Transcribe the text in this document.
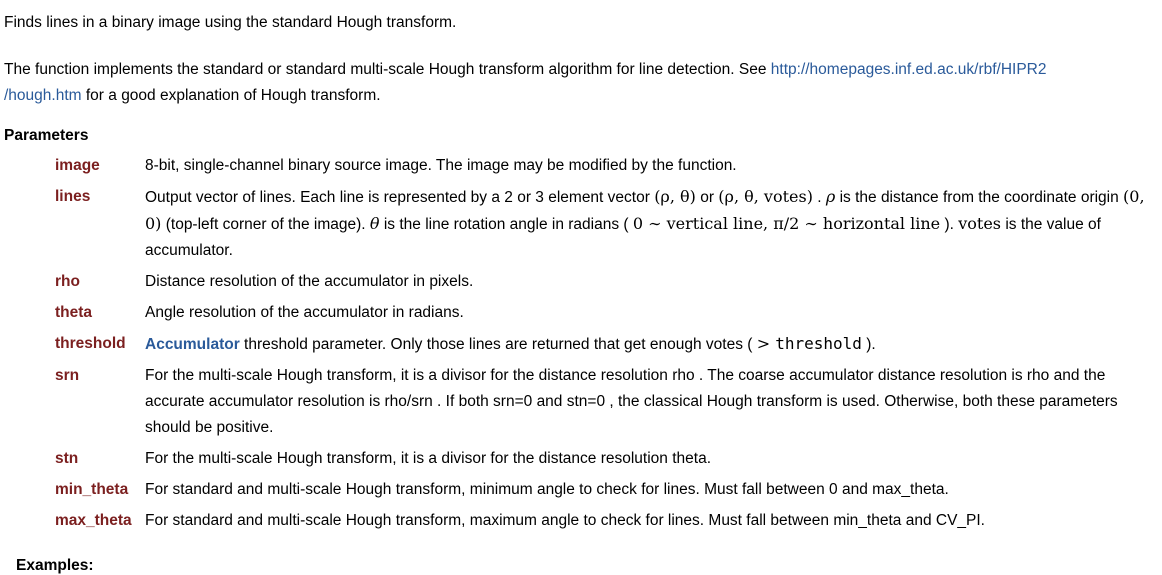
Finds lines in a binary image using the standard Hough transform.

The function implements the standard or standard multi-scale Hough transform algorithm for line detection. See http://homepages.inf.ed.ac.uk/rbf/HIPR2
/hough.htm for a good explanation of Hough transform.

Parameters
image	8-bit, single-channel binary source image. The image may be modified by the function.
lines	Output vector of lines. Each line is represented by a 2 or 3 element vector (ρ, θ) or (ρ, θ, votes) . ρ is the distance from the coordinate origin (0, 0) (top-left corner of the image). θ is the line rotation angle in radians ( 0 ∼ vertical line, π/2 ∼ horizontal line ). votes is the value of accumulator.
rho	Distance resolution of the accumulator in pixels.
theta	Angle resolution of the accumulator in radians.
threshold	Accumulator threshold parameter. Only those lines are returned that get enough votes ( > threshold ).
srn	For the multi-scale Hough transform, it is a divisor for the distance resolution rho . The coarse accumulator distance resolution is rho and the accurate accumulator resolution is rho/srn . If both srn=0 and stn=0 , the classical Hough transform is used. Otherwise, both these parameters should be positive.
stn	For the multi-scale Hough transform, it is a divisor for the distance resolution theta.
min_theta	For standard and multi-scale Hough transform, minimum angle to check for lines. Must fall between 0 and max_theta.
max_theta	For standard and multi-scale Hough transform, maximum angle to check for lines. Must fall between min_theta and CV_PI.
Examples:
